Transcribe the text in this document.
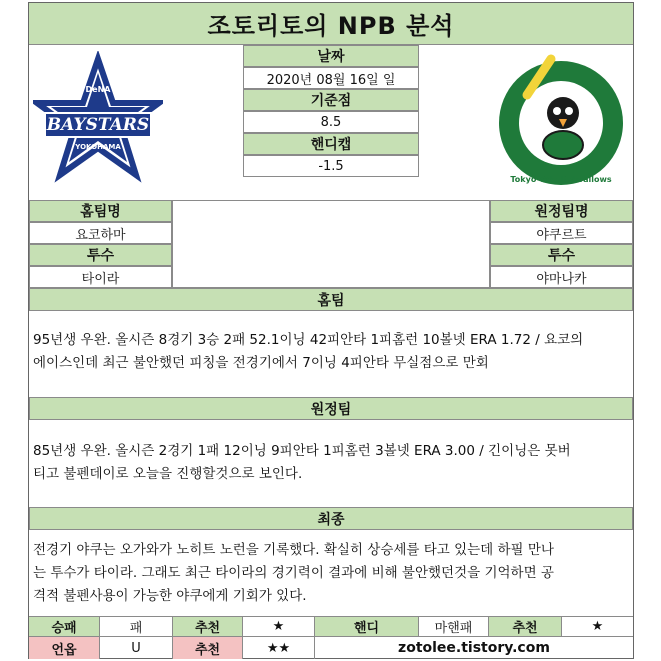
조토리토의 NPB 분석
DeNA
BAYSTARS
YOKOHAMA
Tokyo Yakult Swallows
날짜
2020년 08월 16일 일
기준점
8.5
핸디캡
-1.5
홈팀명
요코하마
투수
타이라
원정팀명
야쿠르트
투수
야마나카
홈팀
95년생 우완. 올시즌 8경기 3승 2패 52.1이닝 42피안타 1피홈런 10볼넷 ERA 1.72 / 요코의
에이스인데 최근 불안했던 피칭을 전경기에서 7이닝 4피안타 무실점으로 만회
원정팀
85년생 우완. 올시즌 2경기 1패 12이닝 9피안타 1피홈런 3볼넷 ERA 3.00 / 긴이닝은 못버
티고 불펜데이로 오늘을 진행할것으로 보인다.
최종
전경기 야쿠는 오가와가 노히트 노런을 기록했다. 확실히 상승세를 타고 있는데 하필 만나
는 투수가 타이라. 그래도 최근 타이라의 경기력이 결과에 비해 불안했던것을 기억하면 공
격적 불펜사용이 가능한 야쿠에게 기회가 있다.
승패	패	추천	★	핸디	마핸패	추천	★
언옵	U	추천	★★	zotolee.tistory.com
